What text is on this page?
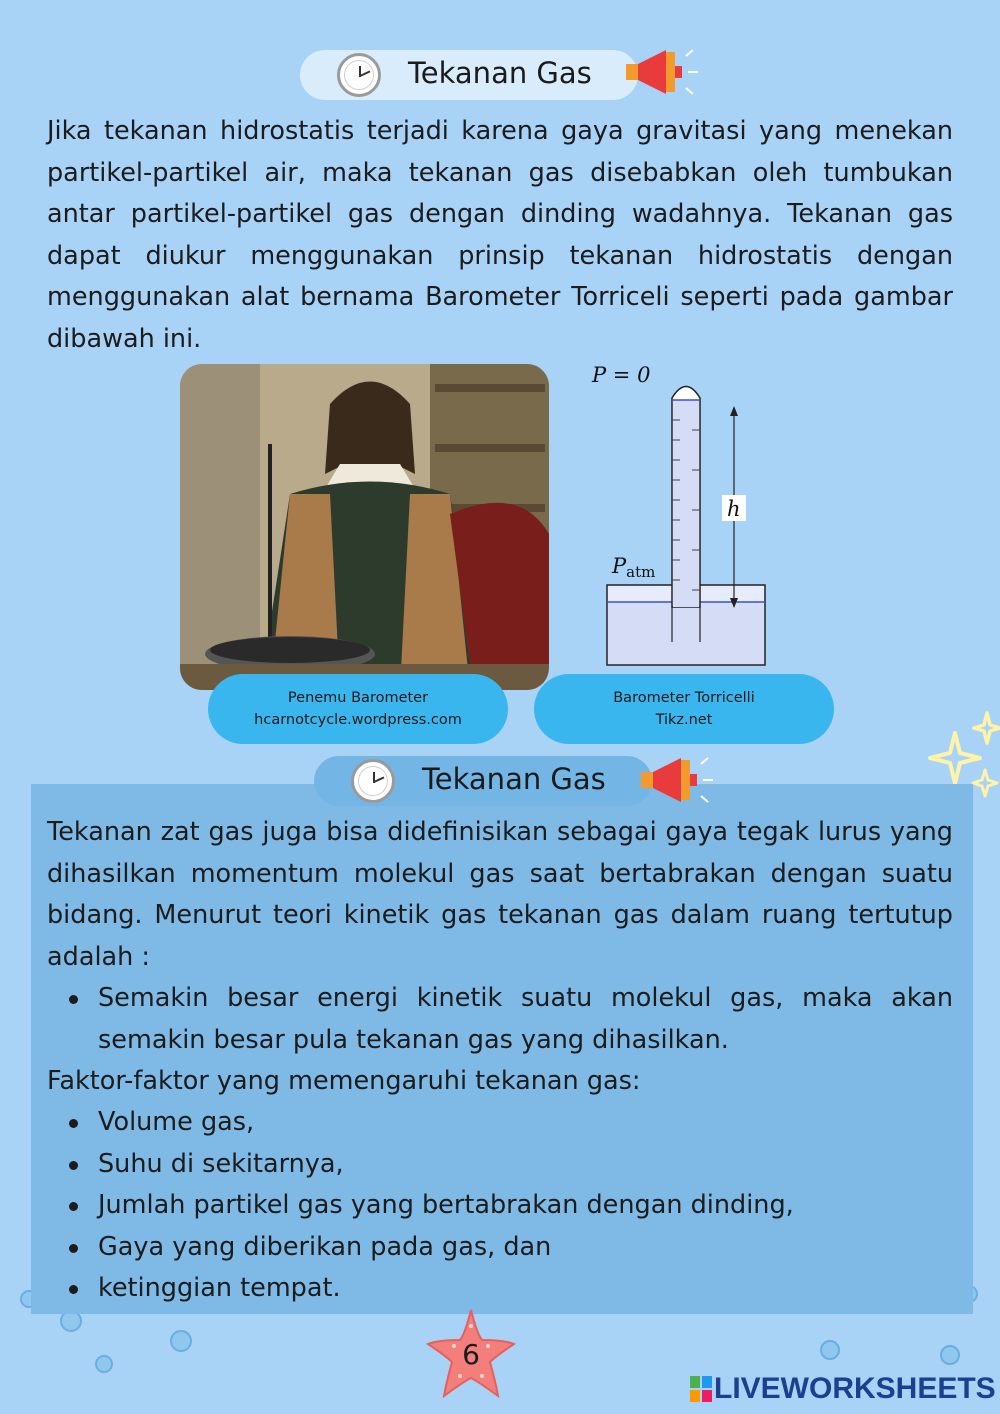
Tekanan Gas

Jika tekanan hidrostatis terjadi karena gaya gravitasi yang menekan partikel-partikel air, maka tekanan gas disebabkan oleh tumbukan antar partikel-partikel gas dengan dinding wadahnya. Tekanan gas dapat diukur menggunakan prinsip tekanan hidrostatis dengan menggunakan alat bernama Barometer Torriceli seperti pada gambar dibawah ini.

h
P = 0
Patm
Penemu Barometer
hcarnotcycle.wordpress.com
Barometer Torricelli
Tikz.net
Tekanan Gas

Tekanan zat gas juga bisa didefinisikan sebagai gaya tegak lurus yang dihasilkan momentum molekul gas saat bertabrakan dengan suatu bidang. Menurut teori kinetik gas tekanan gas dalam ruang tertutup adalah :

Semakin besar energi kinetik suatu molekul gas, maka akan semakin besar pula tekanan gas yang dihasilkan.

Faktor-faktor yang memengaruhi tekanan gas:

Volume gas,
Suhu di sekitarnya,
Jumlah partikel gas yang bertabrakan dengan dinding,
Gaya yang diberikan pada gas, dan
ketinggian tempat.
6
LIVEWORKSHEETS
